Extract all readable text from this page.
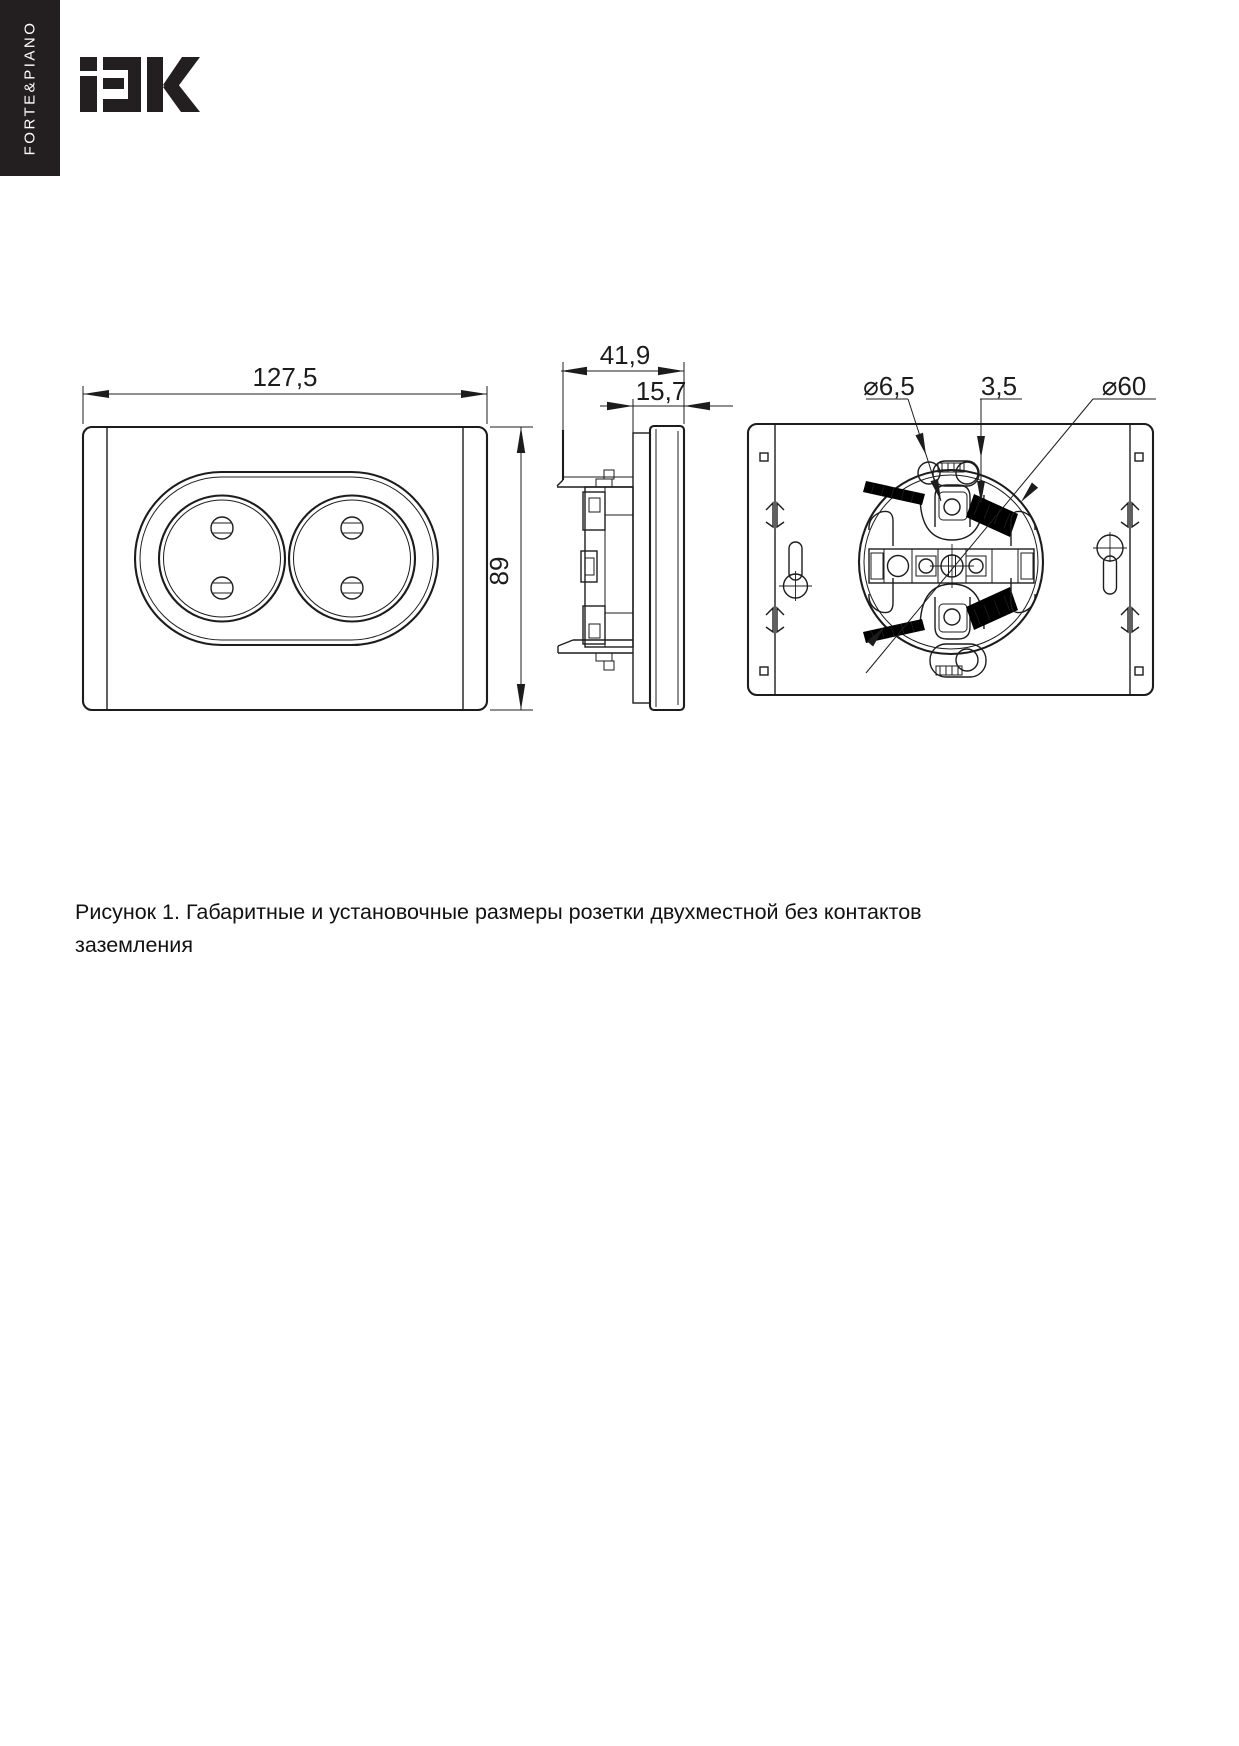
FORTE&PIANO
127,5
89
41,9
15,7	⌀6,5	3,5	⌀60
Рисунок 1. Габаритные и установочные размеры розетки двухместной без контактов
заземления
